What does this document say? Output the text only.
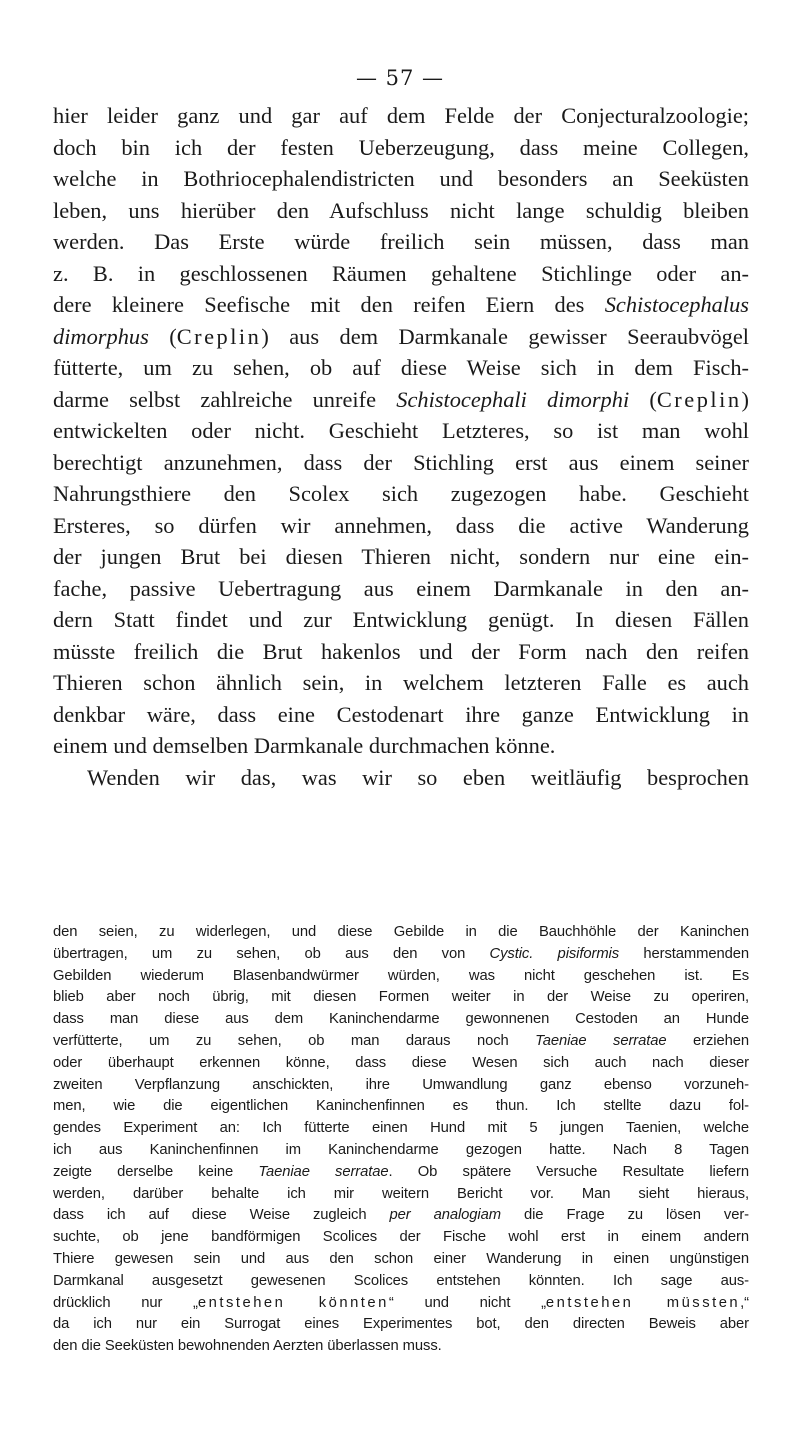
— 57 —
hier leider ganz und gar auf dem Felde der Conjecturalzoologie;
doch bin ich der festen Ueberzeugung, dass meine Collegen,
welche in Bothriocephalendistricten und besonders an Seeküsten
leben, uns hierüber den Aufschluss nicht lange schuldig bleiben
werden. Das Erste würde freilich sein müssen, dass man
z. B. in geschlossenen Räumen gehaltene Stichlinge oder an-
dere kleinere Seefische mit den reifen Eiern des Schistocephalus
dimorphus (Creplin) aus dem Darmkanale gewisser Seeraubvögel
fütterte, um zu sehen, ob auf diese Weise sich in dem Fisch-
darme selbst zahlreiche unreife Schistocephali dimorphi (Creplin)
entwickelten oder nicht. Geschieht Letzteres, so ist man wohl
berechtigt anzunehmen, dass der Stichling erst aus einem seiner
Nahrungsthiere den Scolex sich zugezogen habe. Geschieht
Ersteres, so dürfen wir annehmen, dass die active Wanderung
der jungen Brut bei diesen Thieren nicht, sondern nur eine ein-
fache, passive Uebertragung aus einem Darmkanale in den an-
dern Statt findet und zur Entwicklung genügt. In diesen Fällen
müsste freilich die Brut hakenlos und der Form nach den reifen
Thieren schon ähnlich sein, in welchem letzteren Falle es auch
denkbar wäre, dass eine Cestodenart ihre ganze Entwicklung in
einem und demselben Darmkanale durchmachen könne.
Wenden wir das, was wir so eben weitläufig besprochen
den seien, zu widerlegen, und diese Gebilde in die Bauchhöhle der Kaninchen
übertragen, um zu sehen, ob aus den von Cystic. pisiformis herstammenden
Gebilden wiederum Blasenbandwürmer würden, was nicht geschehen ist. Es
blieb aber noch übrig, mit diesen Formen weiter in der Weise zu operiren,
dass man diese aus dem Kaninchendarme gewonnenen Cestoden an Hunde
verfütterte, um zu sehen, ob man daraus noch Taeniae serratae erziehen
oder überhaupt erkennen könne, dass diese Wesen sich auch nach dieser
zweiten Verpflanzung anschickten, ihre Umwandlung ganz ebenso vorzuneh-
men, wie die eigentlichen Kaninchenfinnen es thun. Ich stellte dazu fol-
gendes Experiment an: Ich fütterte einen Hund mit 5 jungen Taenien, welche
ich aus Kaninchenfinnen im Kaninchendarme gezogen hatte. Nach 8 Tagen
zeigte derselbe keine Taeniae serratae. Ob spätere Versuche Resultate liefern
werden, darüber behalte ich mir weitern Bericht vor. Man sieht hieraus,
dass ich auf diese Weise zugleich per analogiam die Frage zu lösen ver-
suchte, ob jene bandförmigen Scolices der Fische wohl erst in einem andern
Thiere gewesen sein und aus den schon einer Wanderung in einen ungünstigen
Darmkanal ausgesetzt gewesenen Scolices entstehen könnten. Ich sage aus-
drücklich nur „entstehen könnten“ und nicht „entstehen müssten,“
da ich nur ein Surrogat eines Experimentes bot, den directen Beweis aber
den die Seeküsten bewohnenden Aerzten überlassen muss.
